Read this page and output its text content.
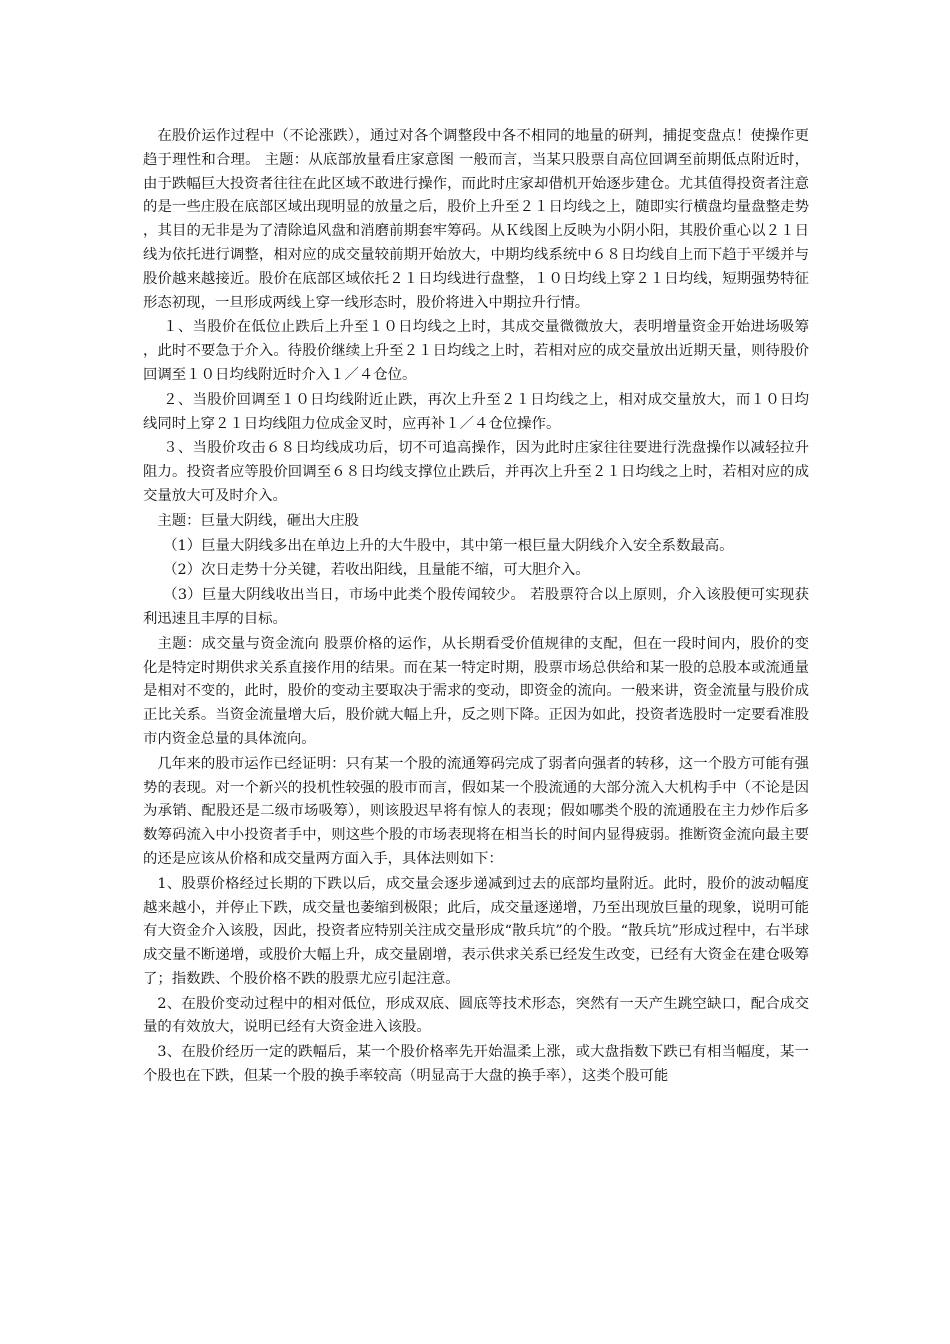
在股价运作过程中（不论涨跌），通过对各个调整段中各不相同的地量的研判，捕捉变盘点！使操作更趋于理性和合理。 主题：从底部放量看庄家意图 一般而言，当某只股票自高位回调至前期低点附近时，由于跌幅巨大投资者往往在此区域不敢进行操作，而此时庄家却借机开始逐步建仓。尤其值得投资者注意的是一些庄股在底部区域出现明显的放量之后，股价上升至２１日均线之上，随即实行横盘均量盘整走势，其目的无非是为了清除追风盘和消磨前期套牢筹码。从Ｋ线图上反映为小阴小阳，其股价重心以２１日线为依托进行调整，相对应的成交量较前期开始放大，中期均线系统中６８日均线自上而下趋于平缓并与股价越来越接近。股价在底部区域依托２１日均线进行盘整，１０日均线上穿２１日均线，短期强势特征形态初现，一旦形成两线上穿一线形态时，股价将进入中期拉升行情。

１、当股价在低位止跌后上升至１０日均线之上时，其成交量微微放大，表明增量资金开始进场吸筹，此时不要急于介入。待股价继续上升至２１日均线之上时，若相对应的成交量放出近期天量，则待股价回调至１０日均线附近时介入１／４仓位。

２、当股价回调至１０日均线附近止跌，再次上升至２１日均线之上，相对成交量放大，而１０日均线同时上穿２１日均线阻力位成金叉时，应再补１／４仓位操作。

３、当股价攻击６８日均线成功后，切不可追高操作，因为此时庄家往往要进行洗盘操作以减轻拉升阻力。投资者应等股价回调至６８日均线支撑位止跌后，并再次上升至２１日均线之上时，若相对应的成交量放大可及时介入。

主题：巨量大阴线，砸出大庄股

（1）巨量大阴线多出在单边上升的大牛股中，其中第一根巨量大阴线介入安全系数最高。

（2）次日走势十分关键，若收出阳线，且量能不缩，可大胆介入。

（3）巨量大阴线收出当日，市场中此类个股传闻较少。 若股票符合以上原则，介入该股便可实现获利迅速且丰厚的目标。

主题：成交量与资金流向 股票价格的运作，从长期看受价值规律的支配，但在一段时间内，股价的变化是特定时期供求关系直接作用的结果。而在某一特定时期，股票市场总供给和某一股的总股本或流通量是相对不变的，此时，股价的变动主要取决于需求的变动，即资金的流向。一般来讲，资金流量与股价成正比关系。当资金流量增大后，股价就大幅上升，反之则下降。正因为如此，投资者选股时一定要看准股市内资金总量的具体流向。

几年来的股市运作已经证明：只有某一个股的流通筹码完成了弱者向强者的转移，这一个股方可能有强势的表现。对一个新兴的投机性较强的股市而言，假如某一个股流通的大部分流入大机构手中（不论是因为承销、配股还是二级市场吸筹），则该股迟早将有惊人的表现；假如哪类个股的流通股在主力炒作后多数筹码流入中小投资者手中，则这些个股的市场表现将在相当长的时间内显得疲弱。推断资金流向最主要的还是应该从价格和成交量两方面入手，具体法则如下：

1、股票价格经过长期的下跌以后，成交量会逐步递减到过去的底部均量附近。此时，股价的波动幅度越来越小，并停止下跌，成交量也萎缩到极限；此后，成交量逐递增，乃至出现放巨量的现象，说明可能有大资金介入该股，因此，投资者应特别关注成交量形成“散兵坑”的个股。“散兵坑”形成过程中，右半球成交量不断递增，或股价大幅上升，成交量剧增，表示供求关系已经发生改变，已经有大资金在建仓吸筹了；指数跌、个股价格不跌的股票尤应引起注意。

2、在股价变动过程中的相对低位，形成双底、圆底等技术形态，突然有一天产生跳空缺口，配合成交量的有效放大，说明已经有大资金进入该股。

3、在股价经历一定的跌幅后，某一个股价格率先开始温柔上涨，或大盘指数下跌已有相当幅度，某一个股也在下跌，但某一个股的换手率较高（明显高于大盘的换手率），这类个股可能
